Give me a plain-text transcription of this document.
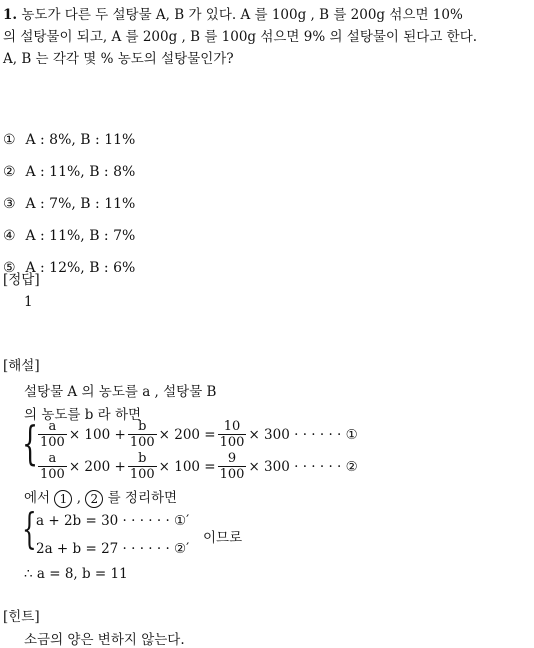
1. 농도가 다른 두 설탕물 A, B 가 있다. A 를 100g , B 를 200g 섞으면 10%
의 설탕물이 되고, A 를 200g , B 를 100g 섞으면 9% 의 설탕물이 된다고 한다.
A, B 는 각각 몇 % 농도의 설탕물인가?
① A : 8%, B : 11%
② A : 11%, B : 8%
③ A : 7%, B : 11%
④ A : 11%, B : 7%
⑤ A : 12%, B : 6%
[정답]
1
[해설]
설탕물 A 의 농도를 a , 설탕물 B
의 농도를 b 라 하면
{ $\frac{a}{100} \times 100 + \frac{b}{100} \times 200 = \frac{10}{100} \times 300$ · · · · · · ①
$\frac{a}{100} \times 200 + \frac{b}{100} \times 100 = \frac{9}{100} \times 300$ · · · · · · ②
에서 1 , 2 를 정리하면
{ a + 2b = 30 · · · · · · ①′
2a + b = 27 · · · · · · ②′
이므로
∴ a = 8, b = 11
[힌트]
소금의 양은 변하지 않는다.
